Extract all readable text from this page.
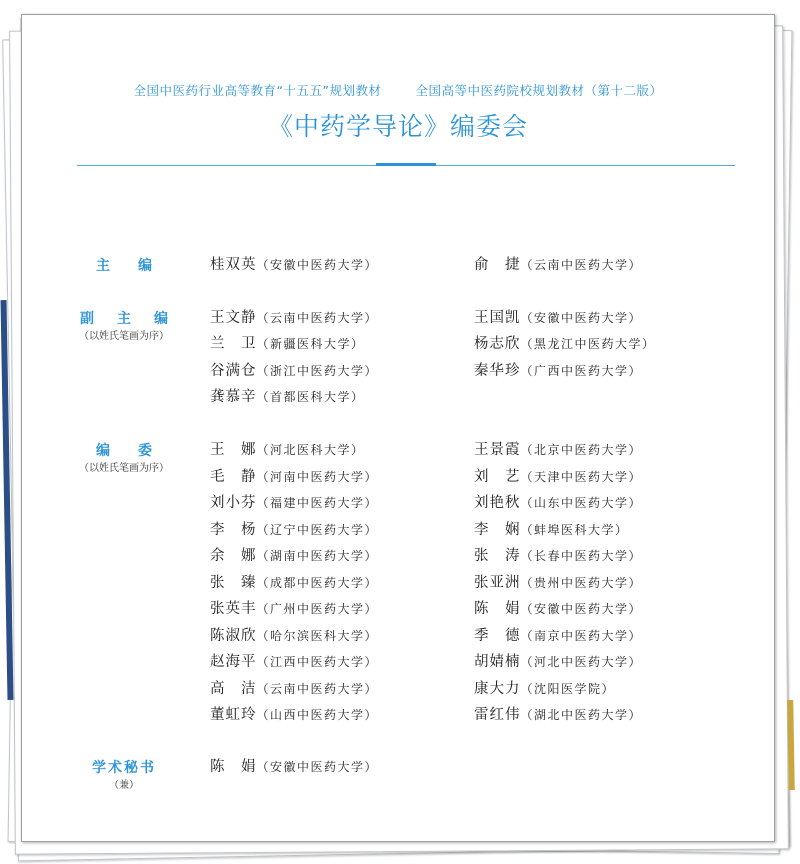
全国中医药行业高等教育“十五五”规划教材	全国高等中医药院校规划教材（第十二版）
《中药学导论》编委会
主　　编	桂双英（安徽中医药大学）	俞　捷（云南中医药大学）
副主编
（以姓氏笔画为序）
王文静（云南中医药大学）	王国凯（安徽中医药大学）
兰　卫（新疆医科大学）	杨志欣（黑龙江中医药大学）
谷满仓（浙江中医药大学）	秦华珍（广西中医药大学）
龚慕辛（首都医科大学）
编　　委
（以姓氏笔画为序）
王　娜（河北医科大学）	王景霞（北京中医药大学）
毛　静（河南中医药大学）	刘　艺（天津中医药大学）
刘小芬（福建中医药大学）	刘艳秋（山东中医药大学）
李　杨（辽宁中医药大学）	李　娴（蚌埠医科大学）
余　娜（湖南中医药大学）	张　涛（长春中医药大学）
张　臻（成都中医药大学）	张亚洲（贵州中医药大学）
张英丰（广州中医药大学）	陈　娟（安徽中医药大学）
陈淑欣（哈尔滨医科大学）	季　德（南京中医药大学）
赵海平（江西中医药大学）	胡婧楠（河北中医药大学）
高　洁（云南中医药大学）	康大力（沈阳医学院）
董虹玲（山西中医药大学）	雷红伟（湖北中医药大学）
学术秘书
（兼）
陈　娟（安徽中医药大学）
